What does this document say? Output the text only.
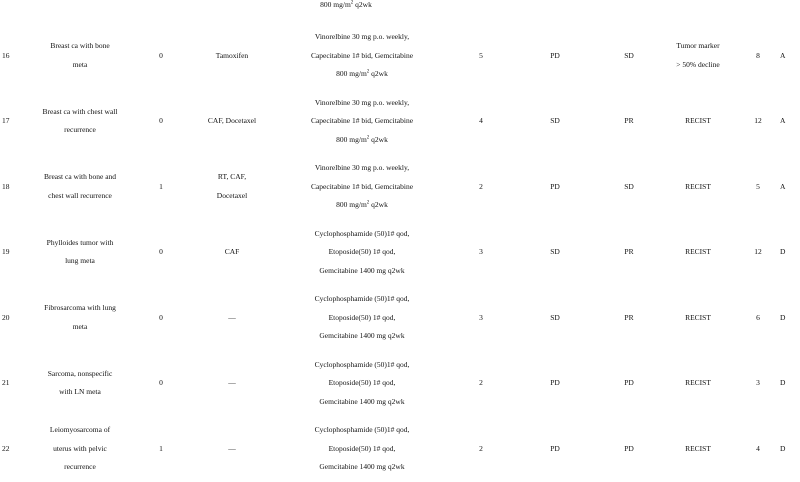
800 $mg/m^2$ q2wk
16	Breast ca with bone
meta	0	Tamoxifen	Vinorelbine 30 mg p.o. weekly,
Capecitabine 1# bid, Gemcitabine
800 $mg/m^2$ q2wk	5	PD	SD	Tumor marker
> 50% decline	8	A
17	Breast ca with chest wall
recurrence	0	CAF, Docetaxel	Vinorelbine 30 mg p.o. weekly,
Capecitabine 1# bid, Gemcitabine
800 $mg/m^2$ q2wk	4	SD	PR	RECIST	12	A
18	Breast ca with bone and
chest wall recurrence	1	RT, CAF,
Docetaxel	Vinorelbine 30 mg p.o. weekly,
Capecitabine 1# bid, Gemcitabine
800 $mg/m^2$ q2wk	2	PD	SD	RECIST	5	A
19	Phylloides tumor with
lung meta	0	CAF	Cyclophosphamide (50)1# qod,
Etoposide(50) 1# qod,
Gemcitabine 1400 mg q2wk	3	SD	PR	RECIST	12	D
20	Fibrosarcoma with lung
meta	0	—	Cyclophosphamide (50)1# qod,
Etoposide(50) 1# qod,
Gemcitabine 1400 mg q2wk	3	SD	PR	RECIST	6	D
21	Sarcoma, nonspecific
with LN meta	0	—	Cyclophosphamide (50)1# qod,
Etoposide(50) 1# qod,
Gemcitabine 1400 mg q2wk	2	PD	PD	RECIST	3	D
22	Leiomyosarcoma of
uterus with pelvic
recurrence	1	—	Cyclophosphamide (50)1# qod,
Etoposide(50) 1# qod,
Gemcitabine 1400 mg q2wk	2	PD	PD	RECIST	4	D
